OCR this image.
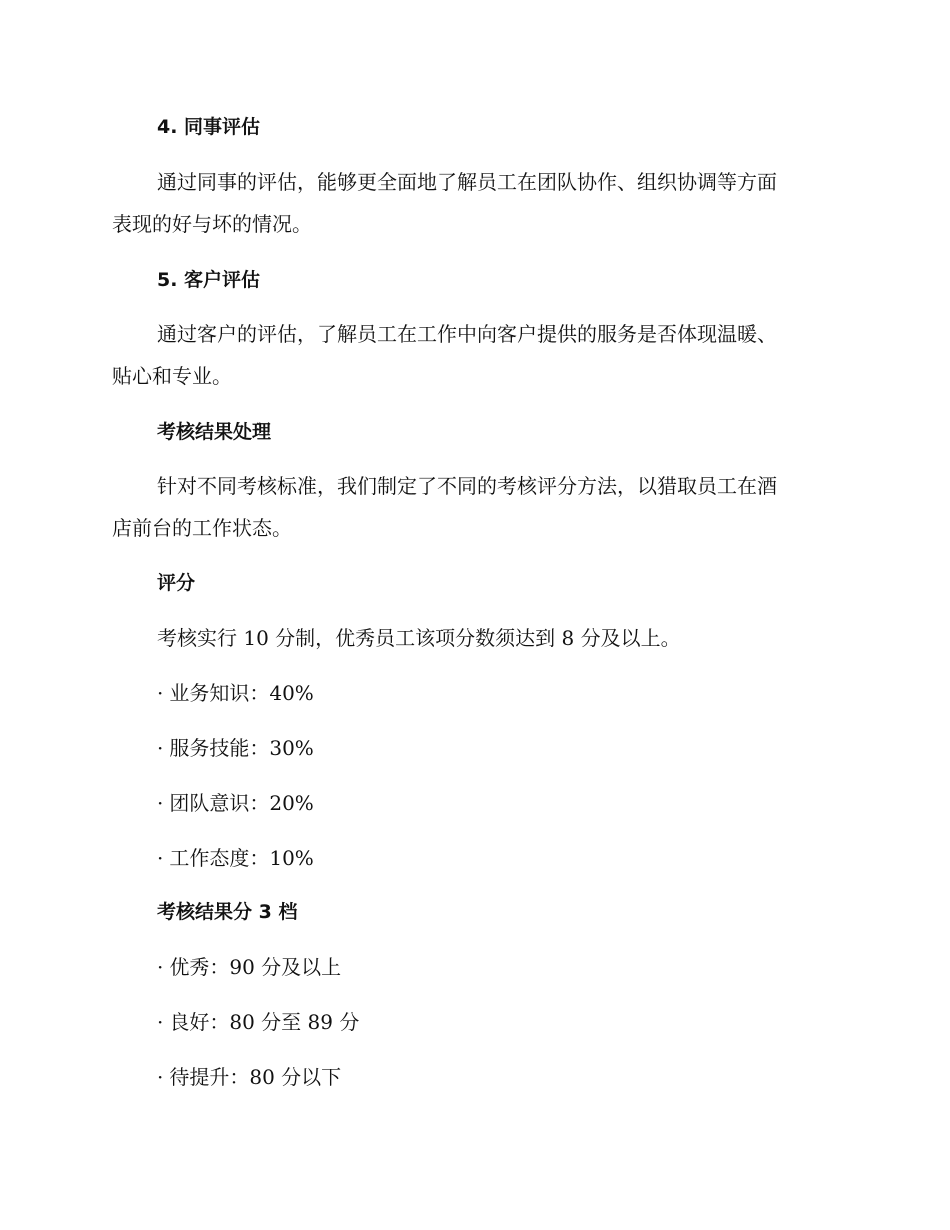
4. 同事评估
通过同事的评估，能够更全面地了解员工在团队协作、组织协调等方面
表现的好与坏的情况。
5. 客户评估
通过客户的评估，了解员工在工作中向客户提供的服务是否体现温暖、
贴心和专业。
考核结果处理
针对不同考核标准，我们制定了不同的考核评分方法，以猎取员工在酒
店前台的工作状态。
评分
考核实行 10 分制，优秀员工该项分数须达到 8 分及以上。
· 业务知识：40%
· 服务技能：30%
· 团队意识：20%
· 工作态度：10%
考核结果分 3 档
· 优秀：90 分及以上
· 良好：80 分至 89 分
· 待提升：80 分以下
